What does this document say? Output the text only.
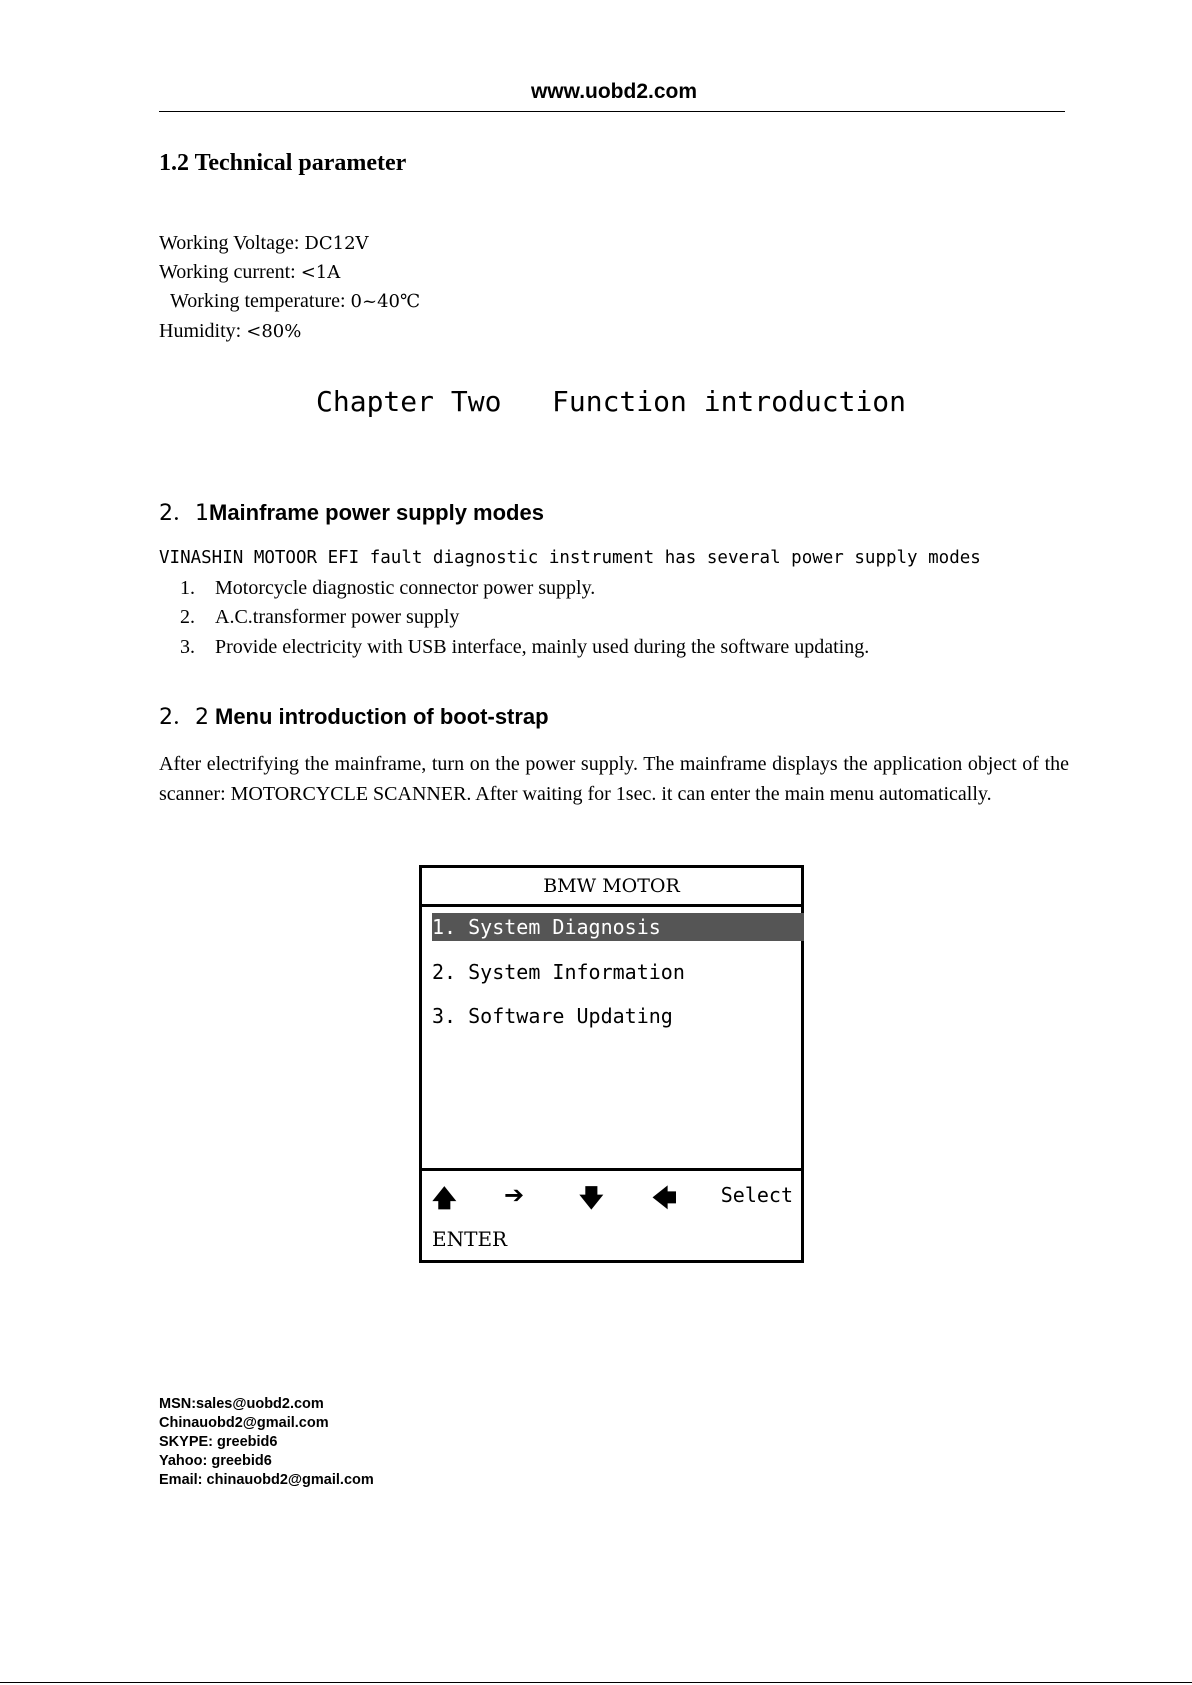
www.uobd2.com
1.2 Technical parameter
Working Voltage: DC12V
Working current: <1A
Working temperature: 0~40℃
Humidity: <80%
Chapter Two   Function introduction
2．1Mainframe power supply modes
VINASHIN MOTOOR EFI fault diagnostic instrument has several power supply modes
1. Motorcycle diagnostic connector power supply.
2. A.C.transformer power supply
3. Provide electricity with USB interface, mainly used during the software updating.
2．2 Menu introduction of boot-strap
After electrifying the mainframe, turn on the power supply. The mainframe displays the application object of the scanner: MOTORCYCLE SCANNER. After waiting for 1sec. it can enter the main menu automatically.
BMW MOTOR
1. System Diagnosis
2. System Information
3. Software Updating
🡅 ➔ 🡇 🡄 Select
ENTER
MSN:sales@uobd2.com
Chinauobd2@gmail.com
SKYPE: greebid6
Yahoo: greebid6
Email: chinauobd2@gmail.com
